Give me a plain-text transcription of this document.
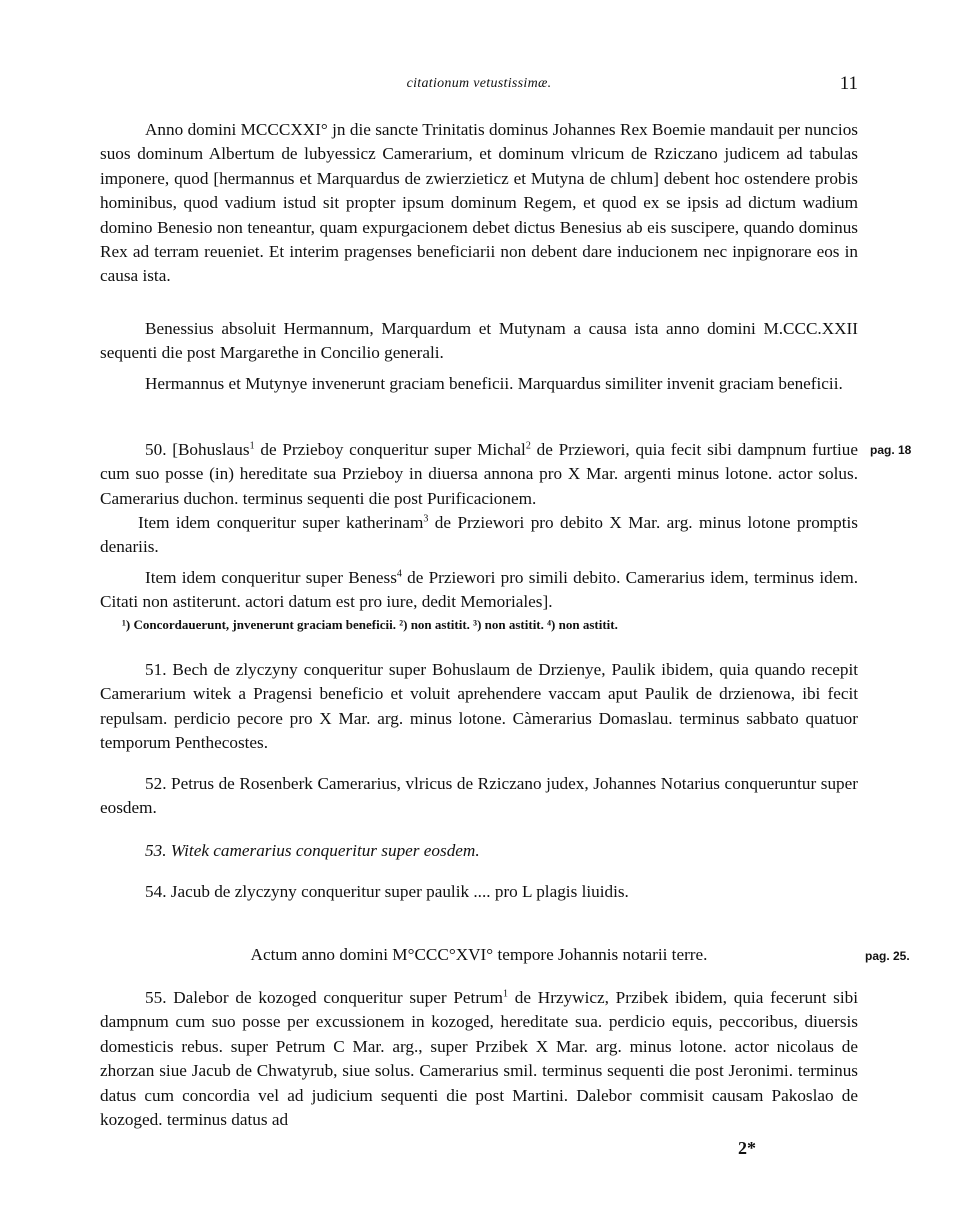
citationum vetustissimæ.	11

Anno domini MCCCXXI° jn die sancte Trinitatis dominus Johannes Rex Boemie mandauit per nuncios suos dominum Albertum de lubyessicz Camerarium, et dominum vlricum de Rziczano judicem ad tabulas imponere, quod [hermannus et Marquardus de zwierzieticz et Mutyna de chlum] debent hoc ostendere probis hominibus, quod vadium istud sit propter ipsum dominum Regem, et quod ex se ipsis ad dictum wadium domino Benesio non teneantur, quam expurgacionem debet dictus Benesius ab eis suscipere, quando dominus Rex ad terram reueniet. Et interim pragenses beneficiarii non debent dare inducionem nec inpignorare eos in causa ista.

Benessius absoluit Hermannum, Marquardum et Mutynam a causa ista anno domini M.CCC.XXII sequenti die post Margarethe in Concilio generali.

Hermannus et Mutynye invenerunt graciam beneficii. Marquardus similiter invenit graciam beneficii.

50. [Bohuslaus$^1$ de Przieboy conqueritur super Michal$^2$ de Prziewori, quia fecit sibi dampnum furtiue cum suo posse (in) hereditate sua Przieboy in diuersa annona pro X Mar. argenti minus lotone. actor solus. Camerarius duchon. terminus sequenti die post Purificacionem.

Item idem conqueritur super katherinam$^3$ de Prziewori pro debito X Mar. arg. minus lotone promptis denariis.

Item idem conqueritur super Beness$^4$ de Prziewori pro simili debito. Camerarius idem, terminus idem. Citati non astiterunt. actori datum est pro iure, dedit Memoriales].

¹) Concordauerunt, jnvenerunt graciam beneficii. ²) non astitit. ³) non astitit. ⁴) non astitit.

51. Bech de zlyczyny conqueritur super Bohuslaum de Drzienye, Paulik ibidem, quia quando recepit Camerarium witek a Pragensi beneficio et voluit aprehendere vaccam aput Paulik de drzienowa, ibi fecit repulsam. perdicio pecore pro X Mar. arg. minus lotone. Càmerarius Domaslau. terminus sabbato quatuor temporum Penthecostes.

52. Petrus de Rosenberk Camerarius, vlricus de Rziczano judex, Johannes Notarius conqueruntur super eosdem.

53. Witek camerarius conqueritur super eosdem.

54. Jacub de zlyczyny conqueritur super paulik .... pro L plagis liuidis.

Actum anno domini M°CCC°XVI° tempore Johannis notarii terre.

55. Dalebor de kozoged conqueritur super Petrum$^1$ de Hrzywicz, Przibek ibidem, quia fecerunt sibi dampnum cum suo posse per excussionem in kozoged, hereditate sua. perdicio equis, peccoribus, diuersis domesticis rebus. super Petrum C Mar. arg., super Przibek X Mar. arg. minus lotone. actor nicolaus de zhorzan siue Jacub de Chwatyrub, siue solus. Camerarius smil. terminus sequenti die post Jeronimi. terminus datus cum concordia vel ad judicium sequenti die post Martini. Dalebor commisit causam Pakoslao de kozoged. terminus datus ad

pag. 18
pag. 25.
2*
